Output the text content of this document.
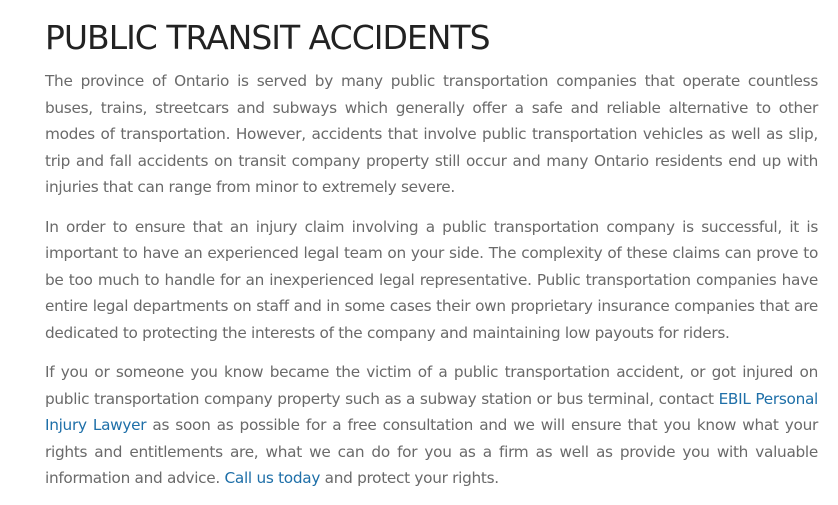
PUBLIC TRANSIT ACCIDENTS

The province of Ontario is served by many public transportation companies that operate countless buses, trains, streetcars and subways which generally offer a safe and reliable alternative to other modes of transportation. However, accidents that involve public transportation vehicles as well as slip, trip and fall accidents on transit company property still occur and many Ontario residents end up with injuries that can range from minor to extremely severe.

In order to ensure that an injury claim involving a public transportation company is successful, it is important to have an experienced legal team on your side. The complexity of these claims can prove to be too much to handle for an inexperienced legal representative. Public transportation companies have entire legal departments on staff and in some cases their own proprietary insurance companies that are dedicated to protecting the interests of the company and maintaining low payouts for riders.

If you or someone you know became the victim of a public transportation accident, or got injured on public transportation company property such as a subway station or bus terminal, contact EBIL Personal Injury Lawyer as soon as possible for a free consultation and we will ensure that you know what your rights and entitlements are, what we can do for you as a firm as well as provide you with valuable information and advice. Call us today and protect your rights.
